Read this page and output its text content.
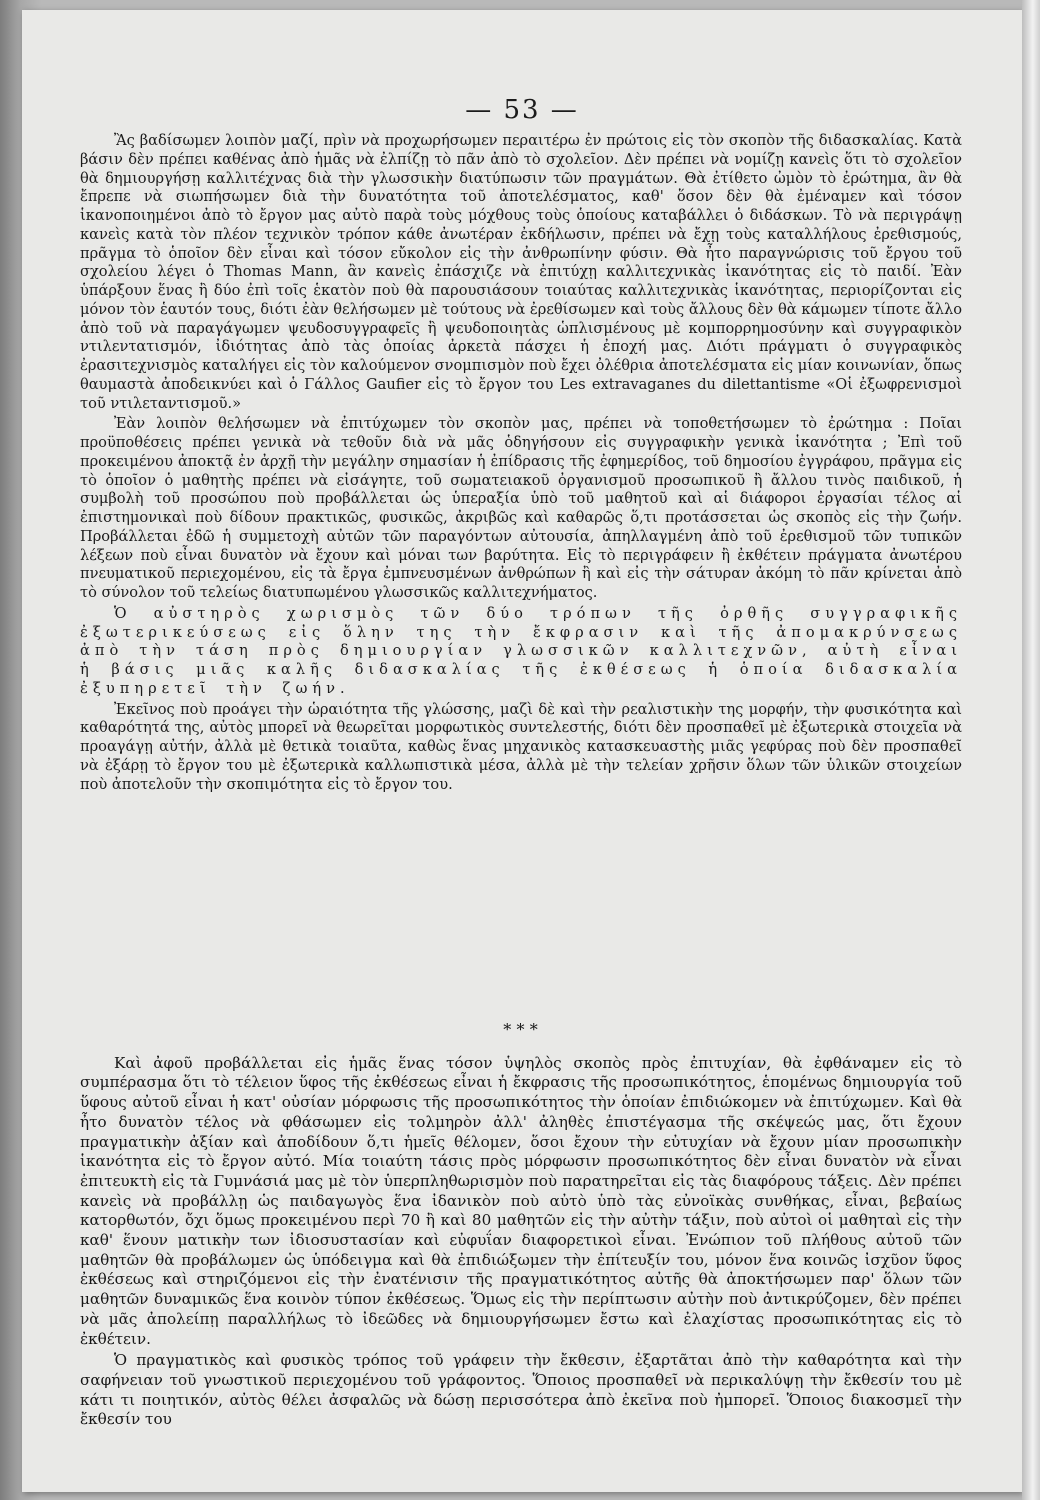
— 53 —

Ἂς βαδίσωμεν λοιπὸν μαζί, πρὶν νὰ προχωρήσωμεν περαιτέρω ἐν πρώτοις εἰς τὸν σκοπὸν τῆς διδασκαλίας. Κατὰ βάσιν δὲν πρέπει καθένας ἀπὸ ἡμᾶς νὰ ἐλπίζῃ τὸ πᾶν ἀπὸ τὸ σχολεῖον. Δὲν πρέπει νὰ νομίζῃ κανεὶς ὅτι τὸ σχολεῖον θὰ δημιουργήσῃ καλλιτέχνας διὰ τὴν γλωσσικὴν διατύπωσιν τῶν πραγμάτων. Θὰ ἐτίθετο ὠμὸν τὸ ἐρώτημα, ἂν θὰ ἔπρεπε νὰ σιωπήσωμεν διὰ τὴν δυνατότητα τοῦ ἀποτελέσματος, καθ' ὅσον δὲν θὰ ἐμέναμεν καὶ τόσον ἱκανοποιημένοι ἀπὸ τὸ ἔργον μας αὐτὸ παρὰ τοὺς μόχθους τοὺς ὁποίους καταβάλλει ὁ διδάσκων. Τὸ νὰ περιγράψῃ κανεὶς κατὰ τὸν πλέον τεχνικὸν τρόπον κάθε ἀνωτέραν ἐκδήλωσιν, πρέπει νὰ ἔχῃ τοὺς καταλλήλους ἐρεθισμούς, πρᾶγμα τὸ ὁποῖον δὲν εἶναι καὶ τόσον εὔκολον εἰς τὴν ἀνθρωπίνην φύσιν. Θὰ ἦτο παραγνώρισις τοῦ ἔργου τοῦ σχολείου λέγει ὁ Thomas Mann, ἂν κανεὶς ἐπάσχιζε νὰ ἐπιτύχῃ καλλιτεχνικὰς ἱκανότητας εἰς τὸ παιδί. Ἐὰν ὑπάρξουν ἕνας ἢ δύο ἐπὶ τοῖς ἑκατὸν ποὺ θὰ παρουσιάσουν τοιαύτας καλλιτεχνικὰς ἱκανότητας, περιορίζονται εἰς μόνον τὸν ἑαυτόν τους, διότι ἐὰν θελήσωμεν μὲ τούτους νὰ ἐρεθίσωμεν καὶ τοὺς ἄλλους δὲν θὰ κάμωμεν τίποτε ἄλλο ἀπὸ τοῦ νὰ παραγάγωμεν ψευδοσυγγραφεῖς ἢ ψευδοποιητὰς ὡπλισμένους μὲ κομπορρημοσύνην καὶ συγγραφικὸν ντιλεντατισμόν, ἰδιότητας ἀπὸ τὰς ὁποίας ἀρκετὰ πάσχει ἡ ἐποχή μας. Διότι πράγματι ὁ συγγραφικὸς ἐρασιτεχνισμὸς καταλήγει εἰς τὸν καλούμενον σνομπισμὸν ποὺ ἔχει ὀλέθρια ἀποτελέσματα εἰς μίαν κοινωνίαν, ὅπως θαυμαστὰ ἀποδεικνύει καὶ ὁ Γάλλος Gaufier εἰς τὸ ἔργον του Les extravaganes du dilettantisme «Οἱ ἐξωφρενισμοὶ τοῦ ντιλεταντισμοῦ.»

Ἐὰν λοιπὸν θελήσωμεν νὰ ἐπιτύχωμεν τὸν σκοπὸν μας, πρέπει νὰ τοποθετήσωμεν τὸ ἐρώτημα : Ποῖαι προϋποθέσεις πρέπει γενικὰ νὰ τεθοῦν διὰ νὰ μᾶς ὁδηγήσουν εἰς συγγραφικὴν γενικὰ ἱκανότητα ; Ἐπὶ τοῦ προκειμένου ἀποκτᾷ ἐν ἀρχῇ τὴν μεγάλην σημασίαν ἡ ἐπίδρασις τῆς ἐφημερίδος, τοῦ δημοσίου ἐγγράφου, πρᾶγμα εἰς τὸ ὁποῖον ὁ μαθητὴς πρέπει νὰ εἰσάγητε, τοῦ σωματειακοῦ ὀργανισμοῦ προσωπικοῦ ἢ ἄλλου τινὸς παιδικοῦ, ἡ συμβολὴ τοῦ προσώπου ποὺ προβάλλεται ὡς ὑπεραξία ὑπὸ τοῦ μαθητοῦ καὶ αἱ διάφοροι ἐργασίαι τέλος αἱ ἐπιστημονικαὶ ποὺ δίδουν πρακτικῶς, φυσικῶς, ἀκριβῶς καὶ καθαρῶς ὅ,τι προτάσσεται ὡς σκοπὸς εἰς τὴν ζωήν. Προβάλλεται ἐδῶ ἡ συμμετοχὴ αὐτῶν τῶν παραγόντων αὐτουσία, ἀπηλλαγμένη ἀπὸ τοῦ ἐρεθισμοῦ τῶν τυπικῶν λέξεων ποὺ εἶναι δυνατὸν νὰ ἔχουν καὶ μόναι των βαρύτητα. Εἰς τὸ περιγράφειν ἢ ἐκθέτειν πράγματα ἀνωτέρου πνευματικοῦ περιεχομένου, εἰς τὰ ἔργα ἐμπνευσμένων ἀνθρώπων ἢ καὶ εἰς τὴν σάτυραν ἀκόμη τὸ πᾶν κρίνεται ἀπὸ τὸ σύνολον τοῦ τελείως διατυπωμένου γλωσσικῶς καλλιτεχνήματος.

Ὁ αὐστηρὸς χωρισμὸς τῶν δύο τρόπων τῆς ὀρθῆς συγγραφικῆς ἐξωτερικεύσεως εἰς ὅλην της τὴν ἔκφρασιν καὶ τῆς ἀπομακρύνσεως ἀπὸ τὴν τάση πρὸς δημιουργίαν γλωσσικῶν καλλιτεχνῶν, αὐτὴ εἶναι ἡ βάσις μιᾶς καλῆς διδασκαλίας τῆς ἐκθέσεως ἡ ὁποία διδασκαλία ἐξυπηρετεῖ τὴν ζωήν.

Ἐκεῖνος ποὺ προάγει τὴν ὡραιότητα τῆς γλώσσης, μαζὶ δὲ καὶ τὴν ρεαλιστικὴν της μορφήν, τὴν φυσικότητα καὶ καθαρότητά της, αὐτὸς μπορεῖ νὰ θεωρεῖται μορφωτικὸς συντελεστής, διότι δὲν προσπαθεῖ μὲ ἐξωτερικὰ στοιχεῖα νὰ προαγάγῃ αὐτήν, ἀλλὰ μὲ θετικὰ τοιαῦτα, καθὼς ἕνας μηχανικὸς κατασκευαστὴς μιᾶς γεφύρας ποὺ δὲν προσπαθεῖ νὰ ἐξάρῃ τὸ ἔργον του μὲ ἐξωτερικὰ καλλωπιστικὰ μέσα, ἀλλὰ μὲ τὴν τελείαν χρῆσιν ὅλων τῶν ὑλικῶν στοιχείων ποὺ ἀποτελοῦν τὴν σκοπιμότητα εἰς τὸ ἔργον του.

* * *

Καὶ ἀφοῦ προβάλλεται εἰς ἡμᾶς ἕνας τόσον ὑψηλὸς σκοπὸς πρὸς ἐπιτυχίαν, θὰ ἐφθάναμεν εἰς τὸ συμπέρασμα ὅτι τὸ τέλειον ὕφος τῆς ἐκθέσεως εἶναι ἡ ἔκφρασις τῆς προσωπικότητος, ἑπομένως δημιουργία τοῦ ὕφους αὐτοῦ εἶναι ἡ κατ' οὐσίαν μόρφωσις τῆς προσωπικότητος τὴν ὁποίαν ἐπιδιώκομεν νὰ ἐπιτύχωμεν. Καὶ θὰ ἦτο δυνατὸν τέλος νὰ φθάσωμεν εἰς τολμηρὸν ἀλλ' ἀληθὲς ἐπιστέγασμα τῆς σκέψεώς μας, ὅτι ἔχουν πραγματικὴν ἀξίαν καὶ ἀποδίδουν ὅ,τι ἡμεῖς θέλομεν, ὅσοι ἔχουν τὴν εὐτυχίαν νὰ ἔχουν μίαν προσωπικὴν ἱκανότητα εἰς τὸ ἔργον αὐτό. Μία τοιαύτη τάσις πρὸς μόρφωσιν προσωπικότητος δὲν εἶναι δυνατὸν νὰ εἶναι ἐπιτευκτὴ εἰς τὰ Γυμνάσιά μας μὲ τὸν ὑπερπληθωρισμὸν ποὺ παρατηρεῖται εἰς τὰς διαφόρους τάξεις. Δὲν πρέπει κανεὶς νὰ προβάλλῃ ὡς παιδαγωγὸς ἕνα ἰδανικὸν ποὺ αὐτὸ ὑπὸ τὰς εὐνοϊκὰς συνθήκας, εἶναι, βεβαίως κατορθωτόν, ὄχι ὅμως προκειμένου περὶ 70 ἢ καὶ 80 μαθητῶν εἰς τὴν αὐτὴν τάξιν, ποὺ αὐτοὶ οἱ μαθηταὶ εἰς τὴν καθ' ἕνουν ματικὴν των ἰδιοσυστασίαν καὶ εὐφυΐαν διαφορετικοὶ εἶναι. Ἐνώπιον τοῦ πλήθους αὐτοῦ τῶν μαθητῶν θὰ προβάλωμεν ὡς ὑπόδειγμα καὶ θὰ ἐπιδιώξωμεν τὴν ἐπίτευξίν του, μόνον ἕνα κοινῶς ἰσχῦον ὕφος ἐκθέσεως καὶ στηριζόμενοι εἰς τὴν ἐνατένισιν τῆς πραγματικότητος αὐτῆς θὰ ἀποκτήσωμεν παρ' ὅλων τῶν μαθητῶν δυναμικῶς ἕνα κοινὸν τύπον ἐκθέσεως. Ὅμως εἰς τὴν περίπτωσιν αὐτὴν ποὺ ἀντικρύζομεν, δὲν πρέπει νὰ μᾶς ἀπολείπῃ παραλλήλως τὸ ἰδεῶδες νὰ δημιουργήσωμεν ἔστω καὶ ἐλαχίστας προσωπικότητας εἰς τὸ ἐκθέτειν.

Ὁ πραγματικὸς καὶ φυσικὸς τρόπος τοῦ γράφειν τὴν ἔκθεσιν, ἐξαρτᾶται ἀπὸ τὴν καθαρότητα καὶ τὴν σαφήνειαν τοῦ γνωστικοῦ περιεχομένου τοῦ γράφοντος. Ὅποιος προσπαθεῖ νὰ περικαλύψῃ τὴν ἔκθεσίν του μὲ κάτι τι ποιητικόν, αὐτὸς θέλει ἀσφαλῶς νὰ δώσῃ περισσότερα ἀπὸ ἐκεῖνα ποὺ ἠμπορεῖ. Ὅποιος διακοσμεῖ τὴν ἔκθεσίν του
